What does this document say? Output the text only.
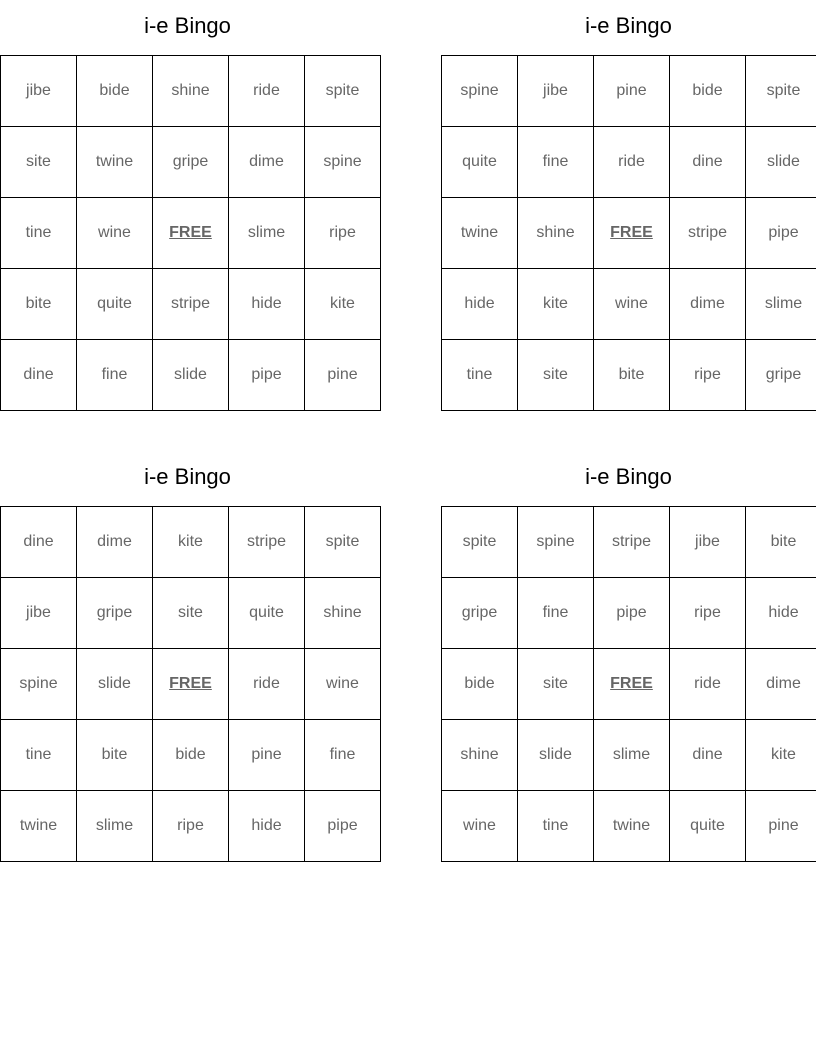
i-e Bingo
jibe	bide	shine	ride	spite
site	twine	gripe	dime	spine
tine	wine	FREE	slime	ripe
bite	quite	stripe	hide	kite
dine	fine	slide	pipe	pine
i-e Bingo
spine	jibe	pine	bide	spite
quite	fine	ride	dine	slide
twine	shine	FREE	stripe	pipe
hide	kite	wine	dime	slime
tine	site	bite	ripe	gripe
i-e Bingo
dine	dime	kite	stripe	spite
jibe	gripe	site	quite	shine
spine	slide	FREE	ride	wine
tine	bite	bide	pine	fine
twine	slime	ripe	hide	pipe
i-e Bingo
spite	spine	stripe	jibe	bite
gripe	fine	pipe	ripe	hide
bide	site	FREE	ride	dime
shine	slide	slime	dine	kite
wine	tine	twine	quite	pine
